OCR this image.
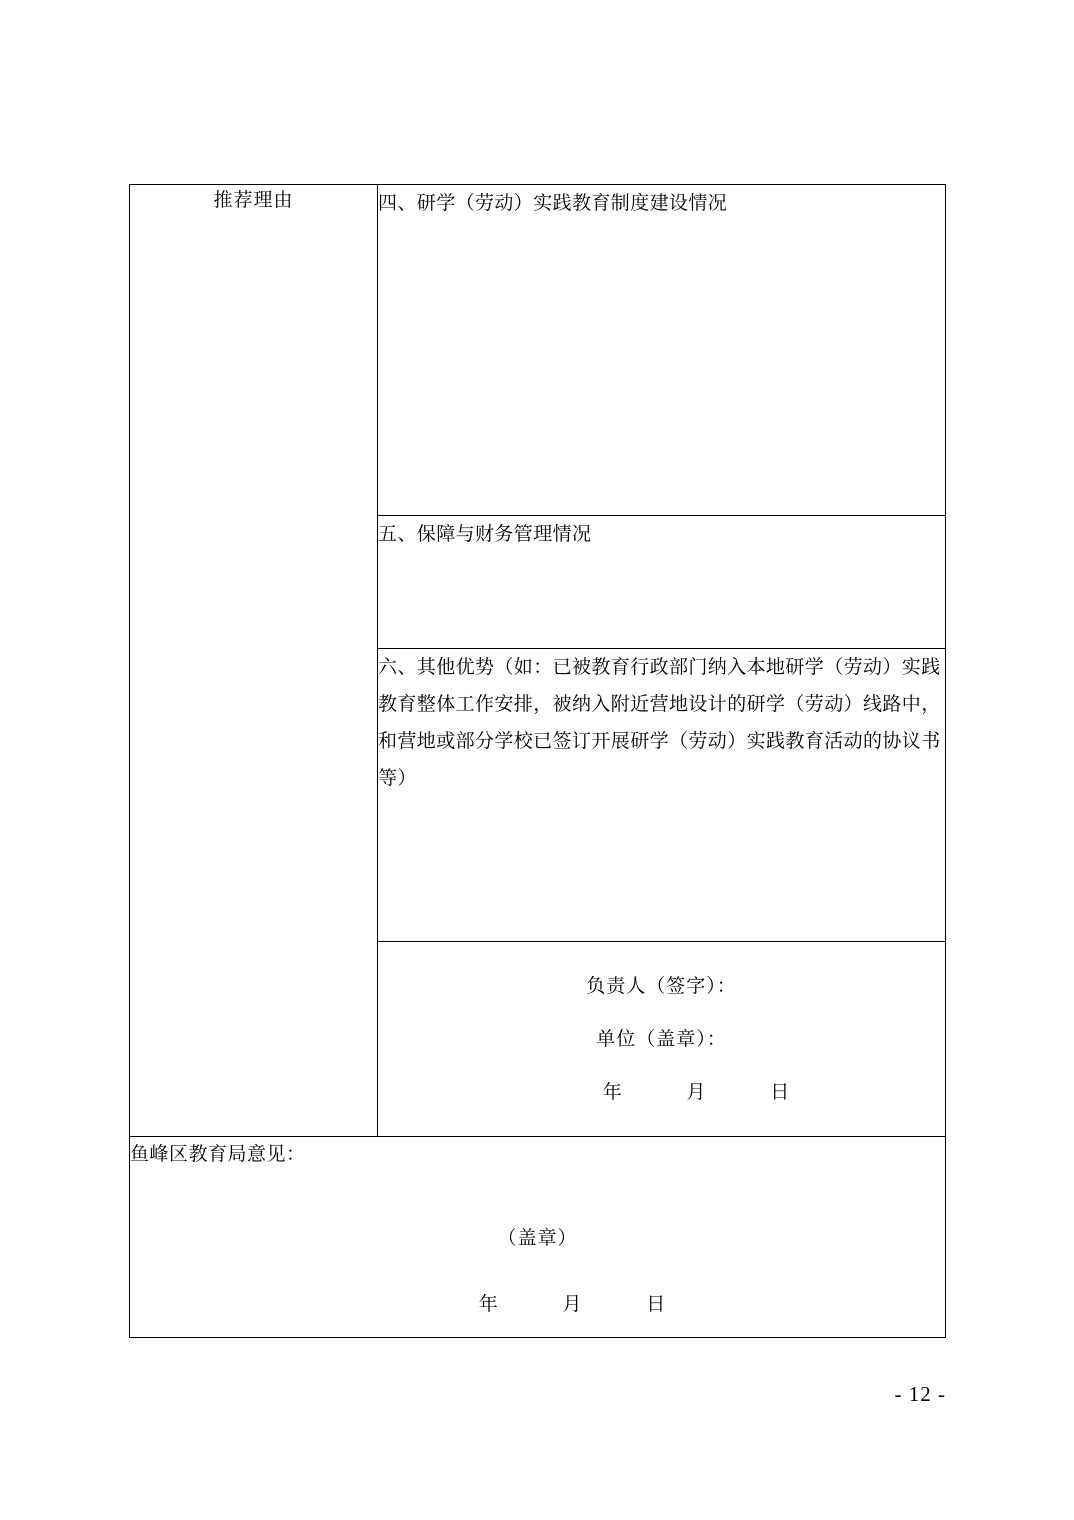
推荐理由	四、研学（劳动）实践教育制度建设情况

五、保障与财务管理情况

六、其他优势（如：已被教育行政部门纳入本地研学（劳动）实践教育整体工作安排，被纳入附近营地设计的研学（劳动）线路中，和营地或部分学校已签订开展研学（劳动）实践教育活动的协议书等）

负责人（签字）：
单位（盖章）：
年	月	日

鱼峰区教育局意见：
（盖章）
年	月	日
- 12 -
